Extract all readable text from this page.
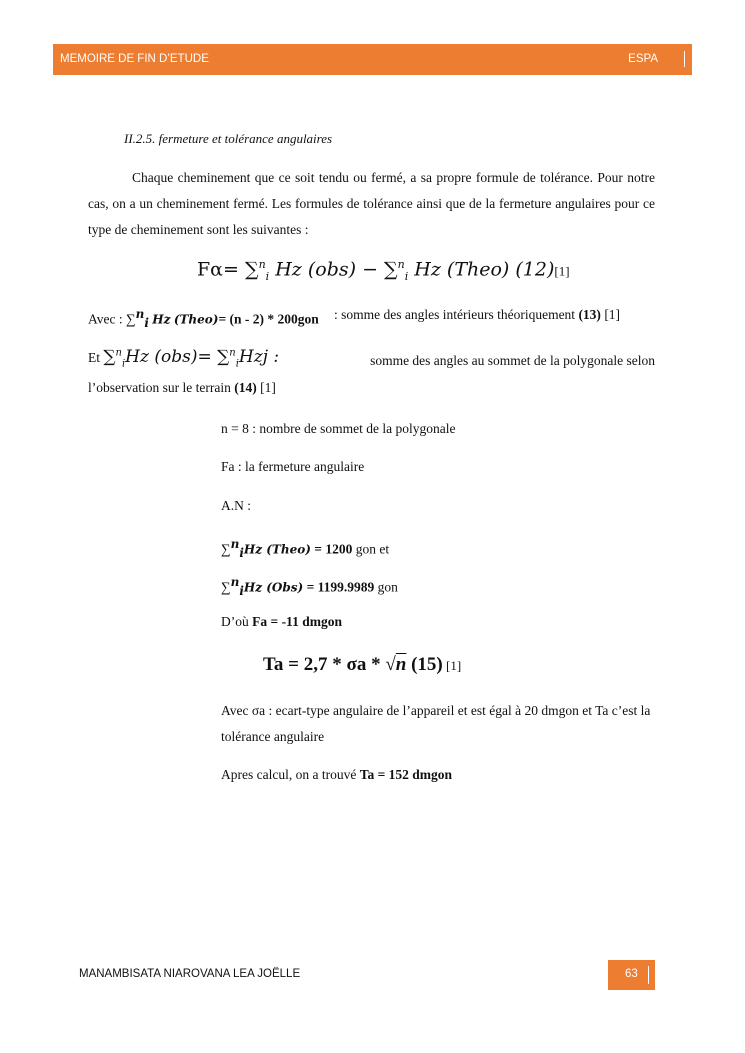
MEMOIRE DE FIN D’ETUDE	ESPA
II.2.5. fermeture et tolérance angulaires
Chaque cheminement que ce soit tendu ou fermé, a sa propre formule de tolérance. Pour notre cas, on a un cheminement fermé. Les formules de tolérance ainsi que de la fermeture angulaires pour ce type de cheminement sont les suivantes :
Fα= ∑$^n_i$ Hz (obs) − ∑$^n_i$ Hz (Theo) (12)[1]
Avec : ∑ni Hz (Theo)= (n - 2) * 200gon : somme des angles intérieurs théoriquement (13) [1]
Et ∑$^n_i$Hz (obs)= ∑$^n_i$Hzj :	somme des angles au sommet de la polygonale selon
l’observation sur le terrain (14) [1]
n = 8 : nombre de sommet de la polygonale
Fa : la fermeture angulaire
A.N :
∑niHz (Theo) = 1200 gon et
∑niHz (Obs) = 1199.9989 gon
D’où Fa = -11 dmgon
Ta = 2,7 * σa * √n (15) [1]
Avec σa : ecart-type angulaire de l’appareil et est égal à 20 dmgon et Ta c’est la tolérance angulaire
Apres calcul, on a trouvé Ta = 152 dmgon
MANAMBISATA NIAROVANA LEA JOËLLE	63
